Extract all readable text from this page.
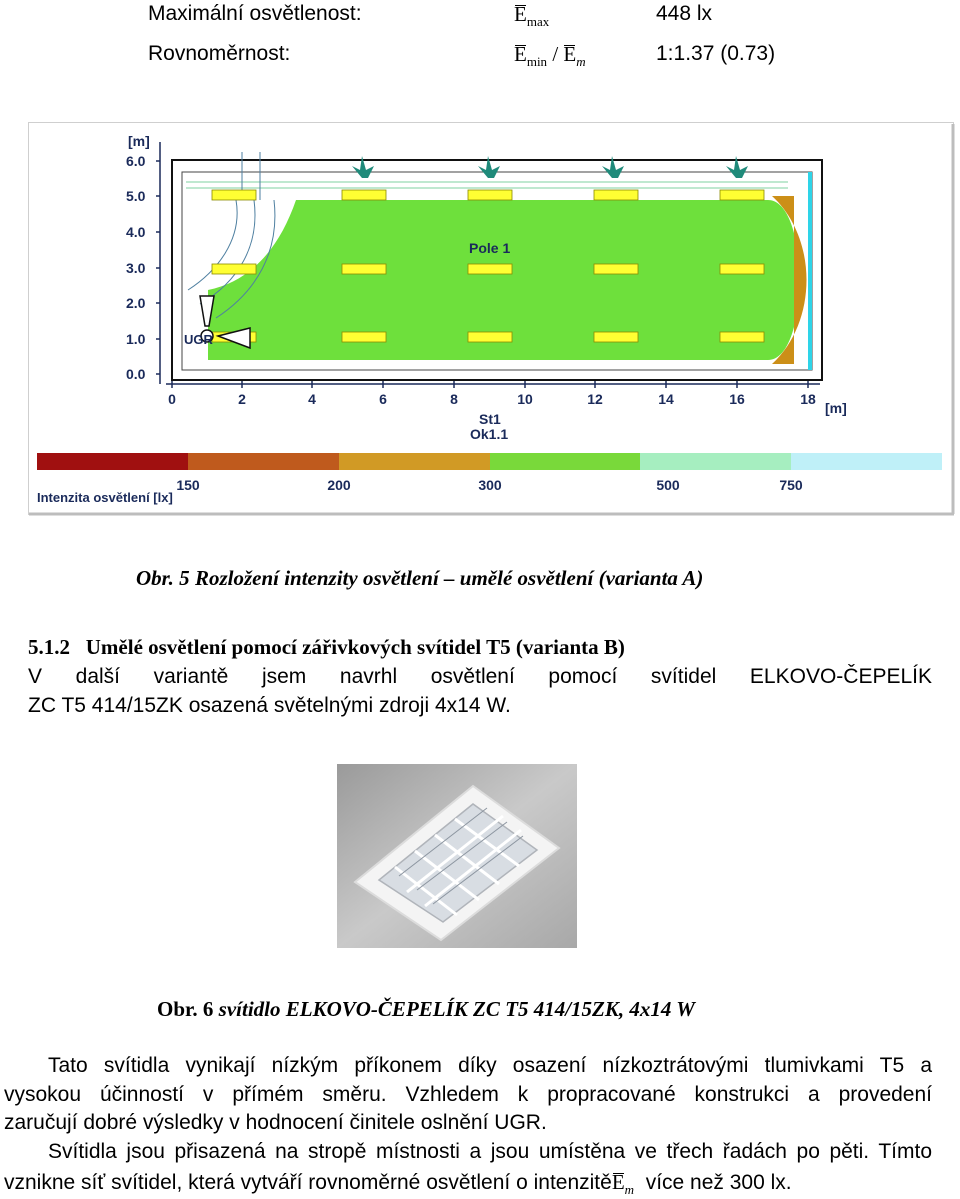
Maximální osvětlenost:	$E_{max}$	448 lx
Rovnoměrnost:	$E_{min} / E_m$	1:1.37 (0.73)
[m]
6.0
5.0
4.0
3.0
2.0
1.0
0.0
0	2	4	6	8	10	12	14	16	18
[m]
Pole 1
UGR
St1
Ok1.1
150	200	300	500	750
Intenzita osvětlení [lx]
Obr. 5 Rozložení intenzity osvětlení – umělé osvětlení (varianta A)
5.1.2 Umělé osvětlení pomocí zářivkových svítidel T5 (varianta B)
V další variantě jsem navrhl osvětlení pomocí svítidel ELKOVO-ČEPELÍK
ZC T5 414/15ZK osazená světelnými zdroji 4x14 W.
Obr. 6 svítidlo ELKOVO-ČEPELÍK ZC T5 414/15ZK, 4x14 W
Tato svítidla vynikají nízkým příkonem díky osazení nízkoztrátovými tlumivkami T5 a
vysokou účinností v přímém směru. Vzhledem k propracované konstrukci a provedení
zaručují dobré výsledky v hodnocení činitele oslnění UGR.
Svítidla jsou přisazená na stropě místnosti a jsou umístěna ve třech řadách po pěti. Tímto
vznikne síť svítidel, která vytváří rovnoměrné osvětlení o intenzitěE$_m$ více než 300 lx.
